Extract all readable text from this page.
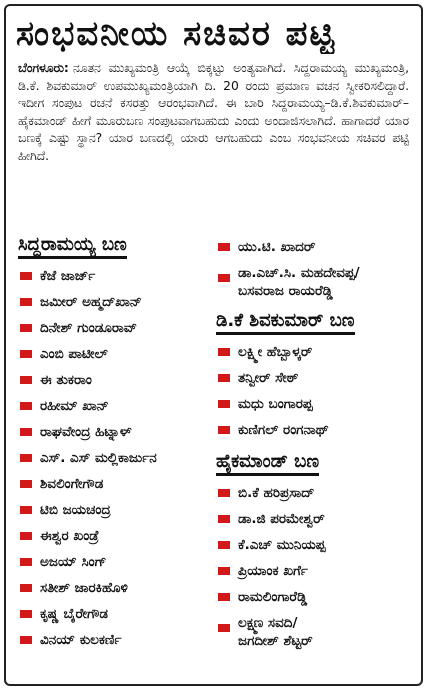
ಸಂಭವನೀಯ ಸಚಿವರ ಪಟ್ಟಿ
ಬೆಂಗಳೂರು: ನೂತನ ಮುಖ್ಯಮಂತ್ರಿ ಆಯ್ಕೆ ಬಿಕ್ಕಟ್ಟು ಅಂತ್ಯವಾಗಿದೆ. ಸಿದ್ದರಾಮಯ್ಯ ಮುಖ್ಯಮಂತ್ರಿ, ಡಿ.ಕೆ. ಶಿವಕುಮಾರ್ ಉಪಮುಖ್ಯಮಂತ್ರಿಯಾಗಿ ದಿ. 20 ರಂದು ಪ್ರಮಾಣ ವಚನ ಸ್ವೀಕರಿಸಲಿದ್ದಾರೆ. ಇದೀಗ ಸಂಪುಟ ರಚನೆ ಕಸರತ್ತು ಆರಂಭವಾಗಿದೆ. ಈ ಬಾರಿ ಸಿದ್ದರಾಮಯ್ಯ–ಡಿ.ಕೆ.ಶಿವಕುಮಾರ್–ಹೈಕಮಾಂಡ್ ಹೀಗೆ ಮೂರುಬಣ ಸಂಪುಟವಾಗಬಹುದು ಎಂದು ಅಂದಾಜಿಸಲಾಗಿದೆ. ಹಾಗಾದರೆ ಯಾರ ಬಣಕ್ಕೆ ಎಷ್ಟು ಸ್ಥಾನ? ಯಾರ ಬಣದಲ್ಲಿ ಯಾರು ಆಗಬಹುದು ಎಂಬ ಸಂಭವನೀಯ ಸಚಿವರ ಪಟ್ಟಿ ಹೀಗಿದೆ.
ಸಿದ್ದರಾಮಯ್ಯ ಬಣ
ಕೆಜೆ ಜಾರ್ಜ್
ಜಮೀರ್ ಅಹ್ಮದ್‌ಖಾನ್
ದಿನೇಶ್ ಗುಂಡೂರಾವ್
ಎಂಬಿ ಪಾಟೀಲ್
ಈ ತುಕರಾಂ
ರಹೀಮ್ ಖಾನ್
ರಾಘವೇಂದ್ರ ಹಿಟ್ನಾಳ್
ಎಸ್. ಎಸ್ ಮಲ್ಲಿಕಾರ್ಜುನ
ಶಿವಲಿಂಗೇಗೌಡ
ಟಿಬಿ ಜಯಚಂದ್ರ
ಈಶ್ವರ ಖಂಡ್ರೆ
ಅಜಯ್ ಸಿಂಗ್
ಸತೀಶ್ ಜಾರಕಿಹೊಳಿ
ಕೃಷ್ಣ ಬೈರೇಗೌಡ
ವಿನಯ್ ಕುಲಕರ್ಣಿ
ಯು.ಟಿ. ಖಾದರ್
ಡಾ.ಎಚ್.ಸಿ. ಮಹದೇವಪ್ಪ/
ಬಸವರಾಜ ರಾಯರೆಡ್ಡಿ
ಡಿ.ಕೆ ಶಿವಕುಮಾರ್ ಬಣ
ಲಕ್ಷ್ಮೀ ಹೆಬ್ಬಾಳ್ಕರ್
ತನ್ವೀರ್ ಸೇಠ್
ಮಧು ಬಂಗಾರಪ್ಪ
ಕುಣಿಗಲ್ ರಂಗನಾಥ್
ಹೈಕಮಾಂಡ್ ಬಣ
ಬಿ.ಕೆ ಹರಿಪ್ರಸಾದ್
ಡಾ.ಜಿ ಪರಮೇಶ್ವರ್
ಕೆ.ಎಚ್ ಮುನಿಯಪ್ಪ
ಪ್ರಿಯಾಂಕ ಖರ್ಗೆ
ರಾಮಲಿಂಗಾರೆಡ್ಡಿ
ಲಕ್ಷ್ಮಣ ಸವದಿ/
ಜಗದೀಶ್ ಶೆಟ್ಟರ್
